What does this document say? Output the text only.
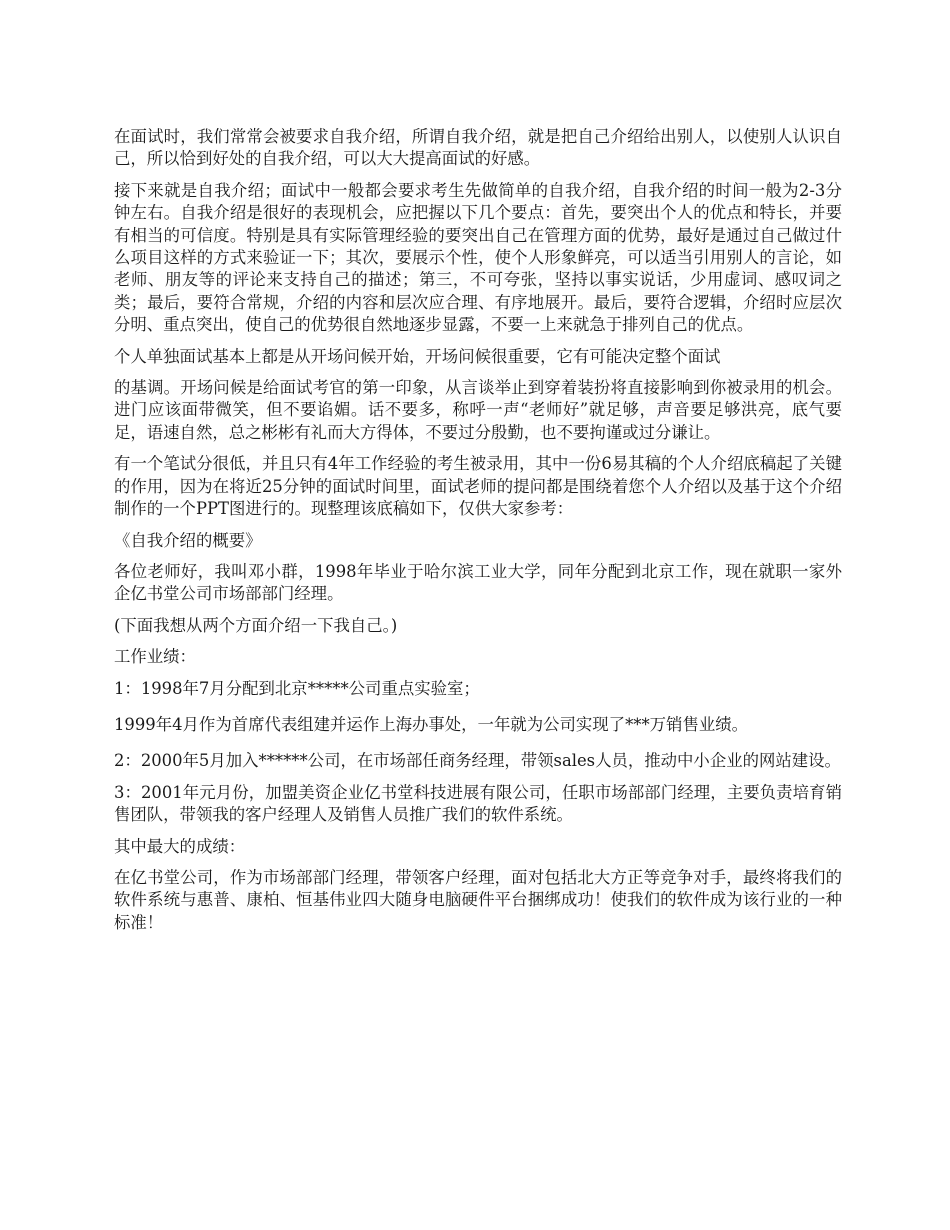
在面试时，我们常常会被要求自我介绍，所谓自我介绍，就是把自己介绍给出别人，以使别人认识自己，所以恰到好处的自我介绍，可以大大提高面试的好感。

接下来就是自我介绍；面试中一般都会要求考生先做简单的自我介绍，自我介绍的时间一般为2-3分钟左右。自我介绍是很好的表现机会，应把握以下几个要点：首先，要突出个人的优点和特长，并要有相当的可信度。特别是具有实际管理经验的要突出自己在管理方面的优势，最好是通过自己做过什么项目这样的方式来验证一下；其次，要展示个性，使个人形象鲜亮，可以适当引用别人的言论，如老师、朋友等的评论来支持自己的描述；第三，不可夸张，坚持以事实说话，少用虚词、感叹词之类；最后，要符合常规，介绍的内容和层次应合理、有序地展开。最后，要符合逻辑，介绍时应层次分明、重点突出，使自己的优势很自然地逐步显露，不要一上来就急于排列自己的优点。

个人单独面试基本上都是从开场问候开始，开场问候很重要，它有可能决定整个面试

的基调。开场问候是给面试考官的第一印象，从言谈举止到穿着装扮将直接影响到你被录用的机会。进门应该面带微笑，但不要谄媚。话不要多，称呼一声“老师好”就足够，声音要足够洪亮，底气要足，语速自然，总之彬彬有礼而大方得体，不要过分殷勤，也不要拘谨或过分谦让。

有一个笔试分很低，并且只有4年工作经验的考生被录用，其中一份6易其稿的个人介绍底稿起了关键的作用，因为在将近25分钟的面试时间里，面试老师的提问都是围绕着您个人介绍以及基于这个介绍制作的一个PPT图进行的。现整理该底稿如下，仅供大家参考：

《自我介绍的概要》

各位老师好，我叫邓小群，1998年毕业于哈尔滨工业大学，同年分配到北京工作，现在就职一家外企亿书堂公司市场部部门经理。

(下面我想从两个方面介绍一下我自己。)

工作业绩：

1：1998年7月分配到北京*****公司重点实验室；

1999年4月作为首席代表组建并运作上海办事处，一年就为公司实现了***万销售业绩。

2：2000年5月加入******公司，在市场部任商务经理，带领sales人员，推动中小企业的网站建设。

3：2001年元月份，加盟美资企业亿书堂科技进展有限公司，任职市场部部门经理，主要负责培育销售团队，带领我的客户经理人及销售人员推广我们的软件系统。

其中最大的成绩：

在亿书堂公司，作为市场部部门经理，带领客户经理，面对包括北大方正等竞争对手，最终将我们的软件系统与惠普、康柏、恒基伟业四大随身电脑硬件平台捆绑成功！使我们的软件成为该行业的一种标准！
